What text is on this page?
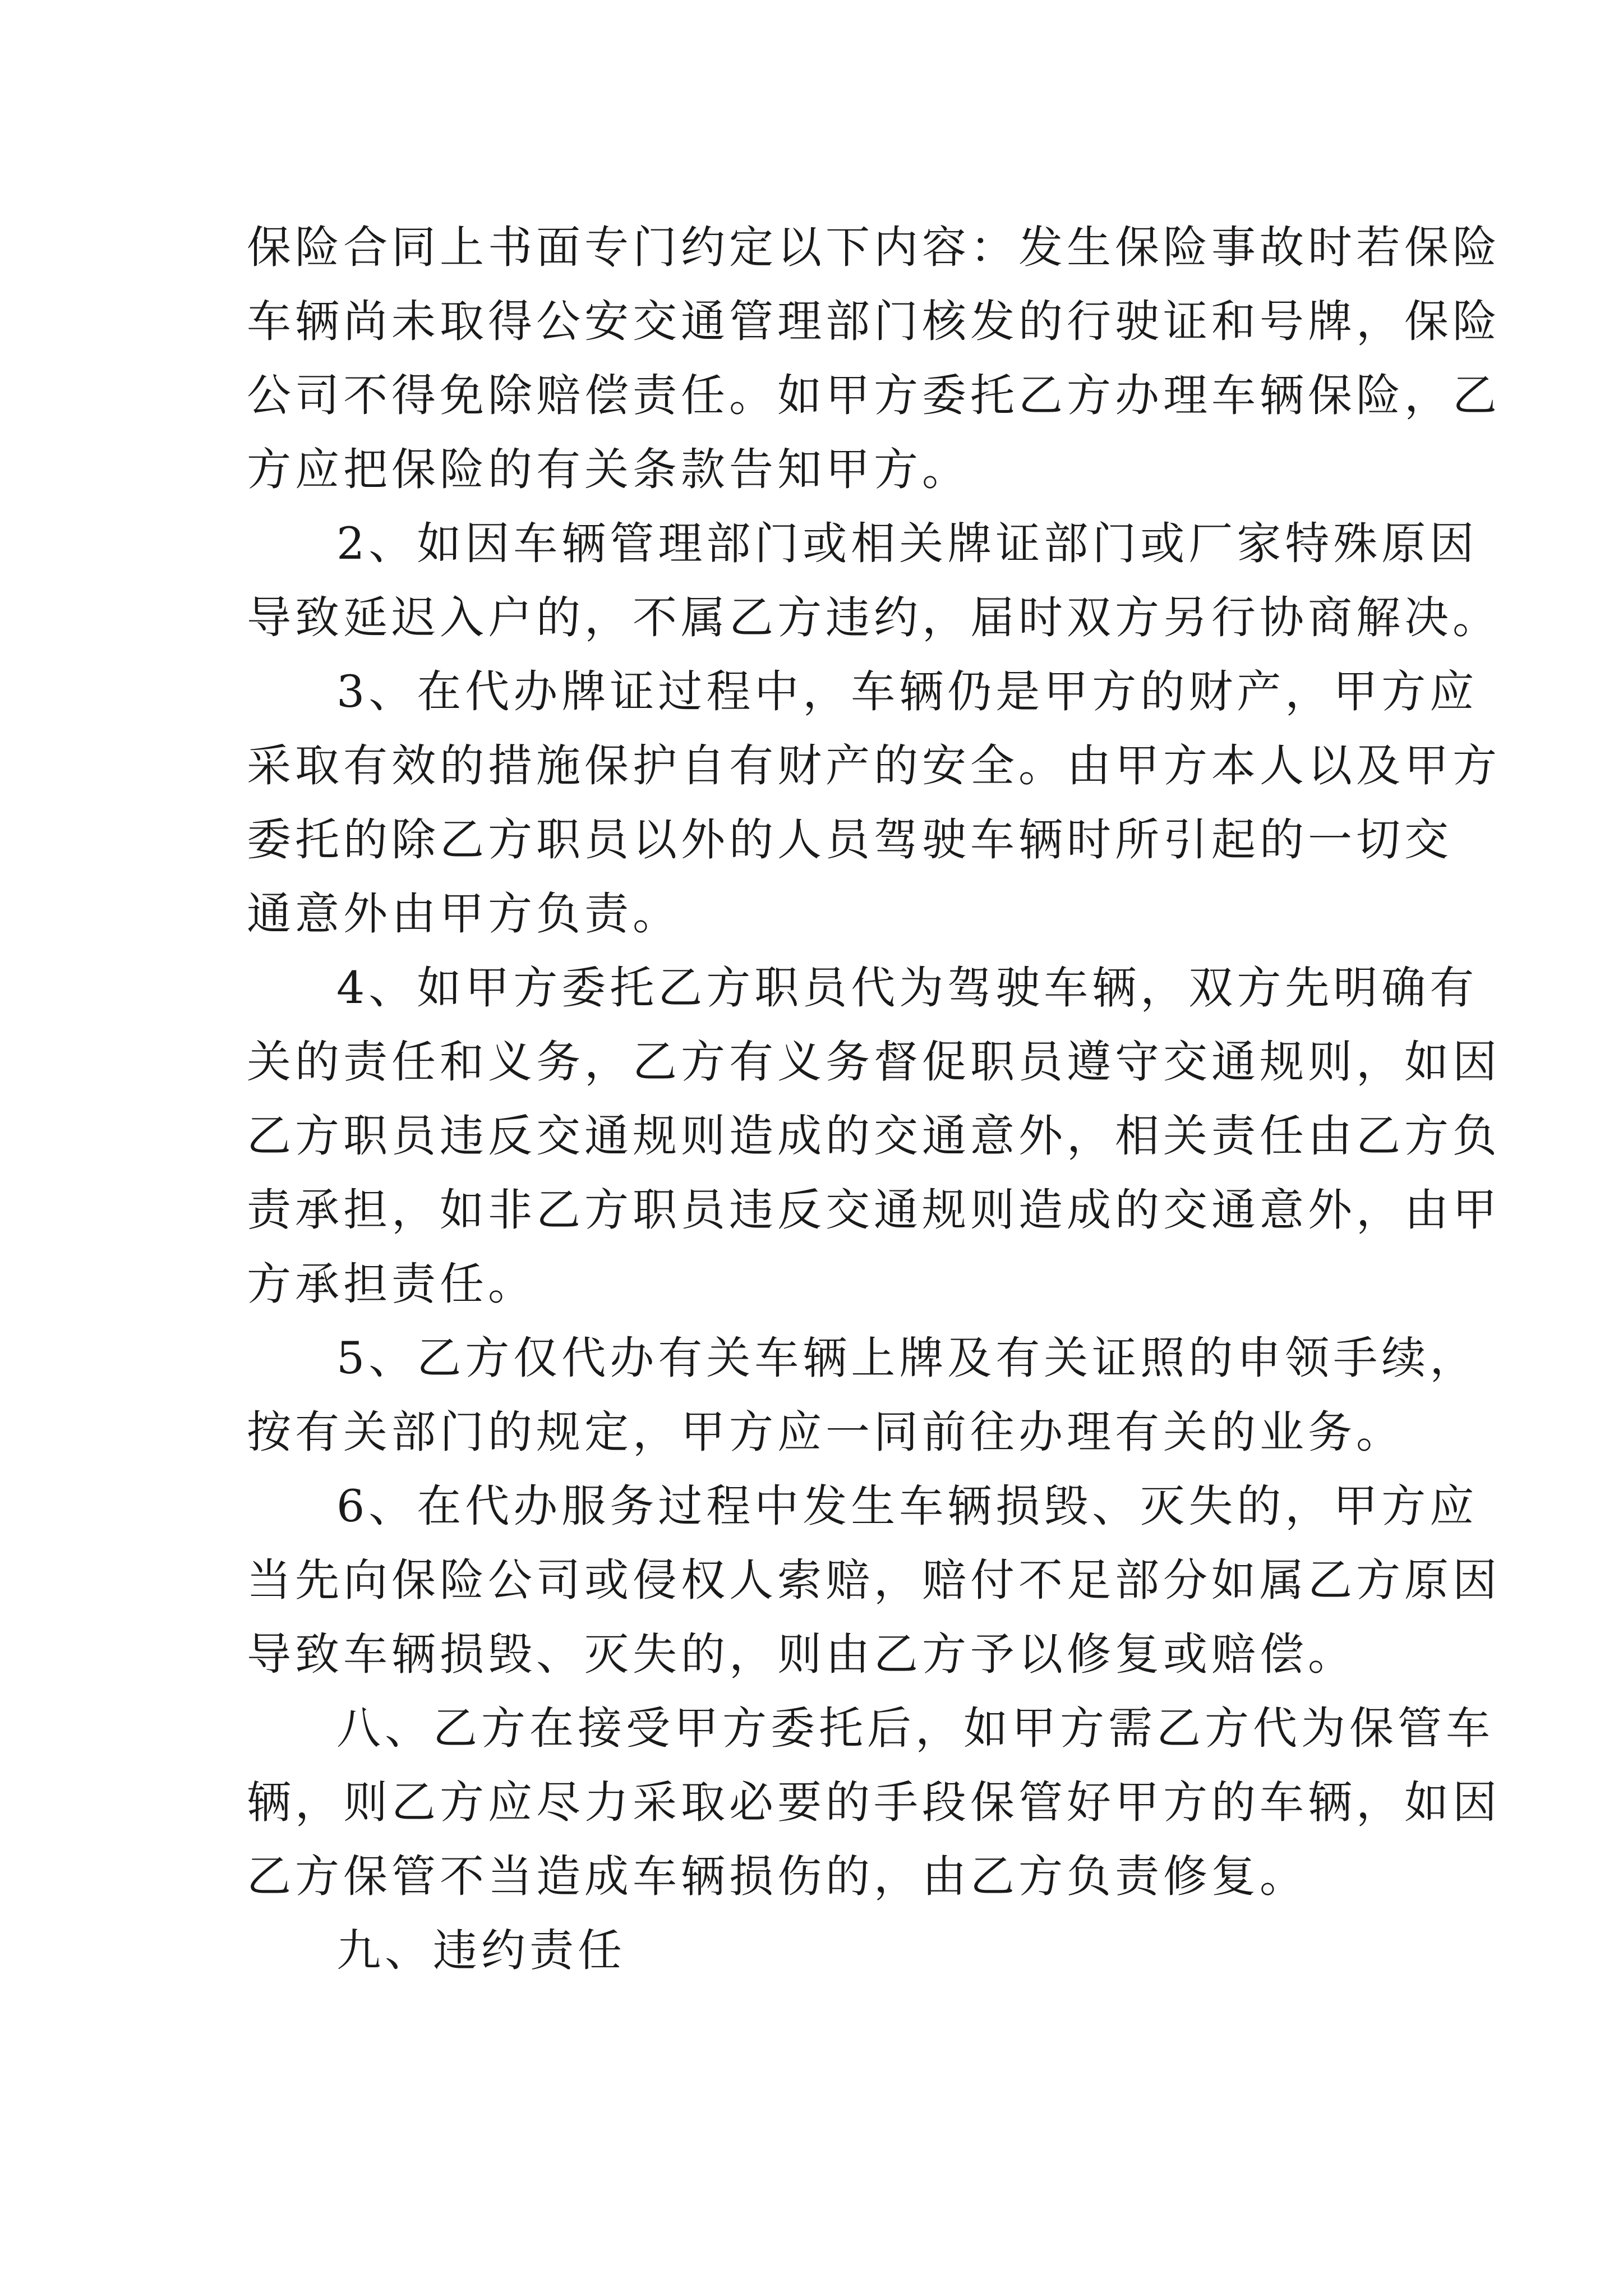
保险合同上书面专门约定以下内容：发生保险事故时若保险
车辆尚未取得公安交通管理部门核发的行驶证和号牌，保险
公司不得免除赔偿责任。如甲方委托乙方办理车辆保险，乙
方应把保险的有关条款告知甲方。

2、如因车辆管理部门或相关牌证部门或厂家特殊原因
导致延迟入户的，不属乙方违约，届时双方另行协商解决。

3、在代办牌证过程中，车辆仍是甲方的财产，甲方应
采取有效的措施保护自有财产的安全。由甲方本人以及甲方
委托的除乙方职员以外的人员驾驶车辆时所引起的一切交
通意外由甲方负责。

4、如甲方委托乙方职员代为驾驶车辆，双方先明确有
关的责任和义务，乙方有义务督促职员遵守交通规则，如因
乙方职员违反交通规则造成的交通意外，相关责任由乙方负
责承担，如非乙方职员违反交通规则造成的交通意外，由甲
方承担责任。

5、乙方仅代办有关车辆上牌及有关证照的申领手续，
按有关部门的规定，甲方应一同前往办理有关的业务。

6、在代办服务过程中发生车辆损毁、灭失的，甲方应
当先向保险公司或侵权人索赔，赔付不足部分如属乙方原因
导致车辆损毁、灭失的，则由乙方予以修复或赔偿。

八、乙方在接受甲方委托后，如甲方需乙方代为保管车
辆，则乙方应尽力采取必要的手段保管好甲方的车辆，如因
乙方保管不当造成车辆损伤的，由乙方负责修复。

九、违约责任
